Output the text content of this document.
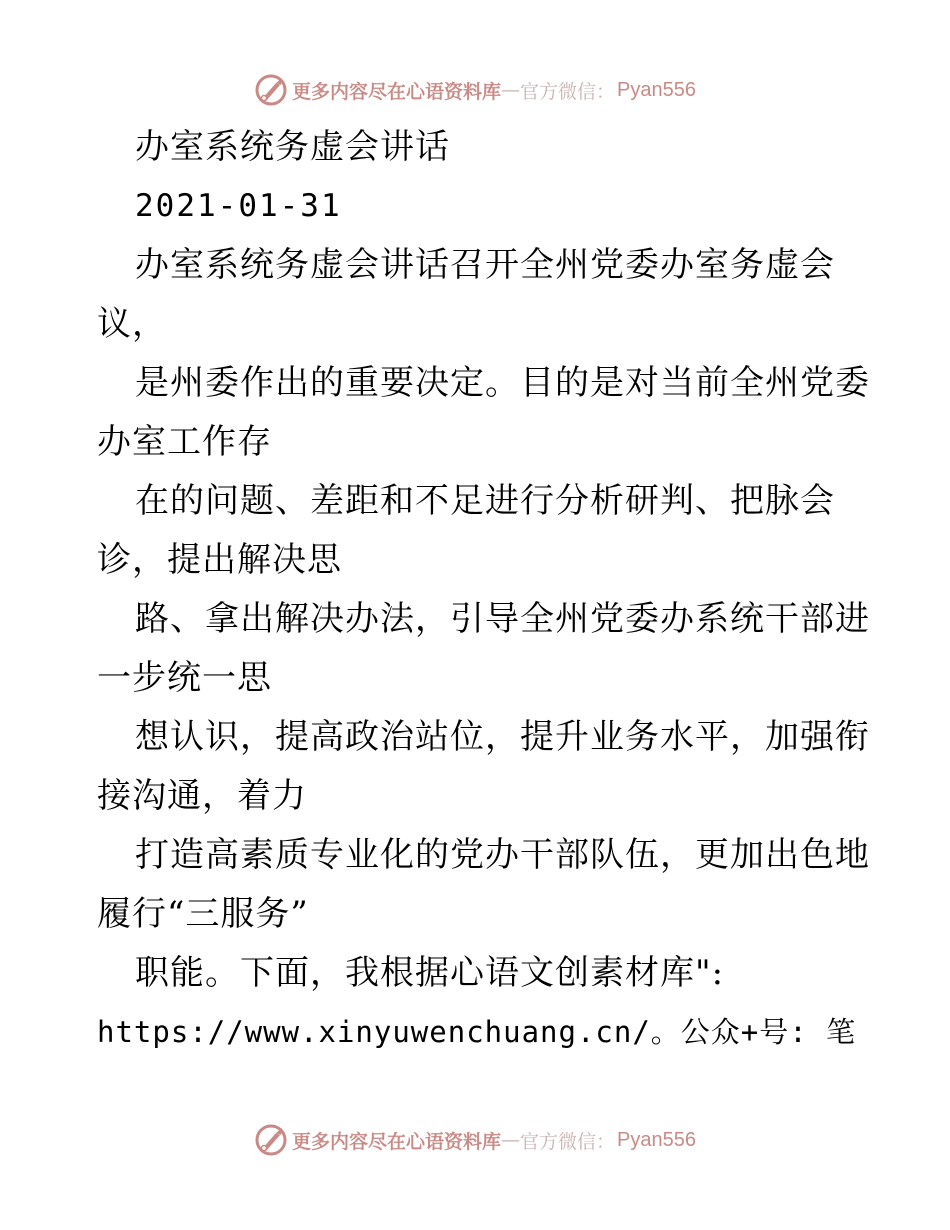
更多内容尽在心语资料库 — 官方微信： Pyan556
办室系统务虚会讲话
2021-01-31
办室系统务虚会讲话召开全州党委办室务虚会
议，
是州委作出的重要决定。目的是对当前全州党委
办室工作存
在的问题、差距和不足进行分析研判、把脉会
诊，提出解决思
路、拿出解决办法，引导全州党委办系统干部进
一步统一思
想认识，提高政治站位，提升业务水平，加强衔
接沟通，着力
打造高素质专业化的党办干部队伍，更加出色地
履行“三服务”
职能。下面，我根据心语文创素材库":
https://www.xinyuwenchuang.cn/。公众+号: 笔
更多内容尽在心语资料库 — 官方微信： Pyan556
